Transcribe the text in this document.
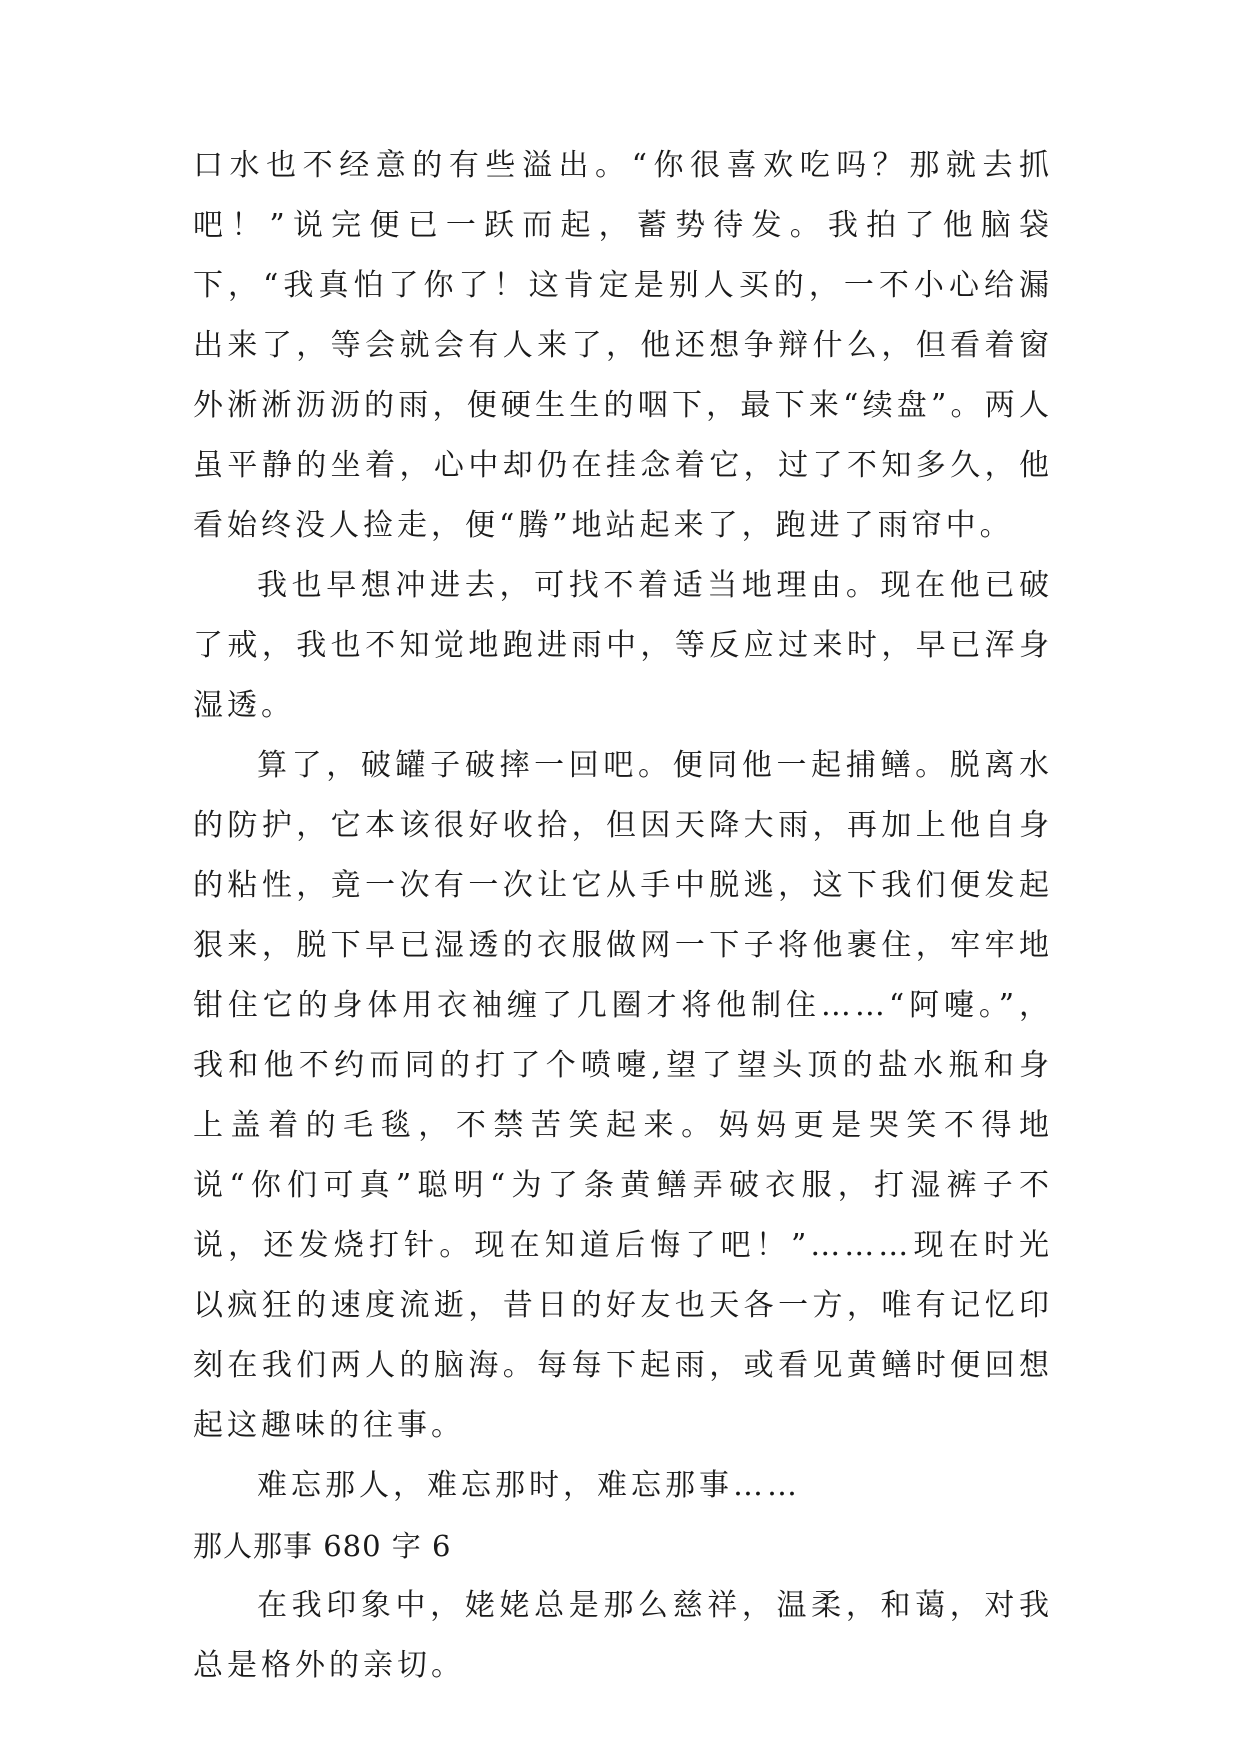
口水也不经意的有些溢出。“你很喜欢吃吗？那就去抓吧！”说完便已一跃而起，蓄势待发。我拍了他脑袋下，“我真怕了你了！这肯定是别人买的，一不小心给漏出来了，等会就会有人来了，他还想争辩什么，但看着窗外淅淅沥沥的雨，便硬生生的咽下，最下来“续盘”。两人虽平静的坐着，心中却仍在挂念着它，过了不知多久，他看始终没人捡走，便“腾”地站起来了，跑进了雨帘中。

我也早想冲进去，可找不着适当地理由。现在他已破了戒，我也不知觉地跑进雨中，等反应过来时，早已浑身湿透。

算了，破罐子破摔一回吧。便同他一起捕鳝。脱离水的防护，它本该很好收拾，但因天降大雨，再加上他自身的粘性，竟一次有一次让它从手中脱逃，这下我们便发起狠来，脱下早已湿透的衣服做网一下子将他裹住，牢牢地钳住它的身体用衣袖缠了几圈才将他制住……“阿嚏。”，我和他不约而同的打了个喷嚏,望了望头顶的盐水瓶和身上盖着的毛毯，不禁苦笑起来。妈妈更是哭笑不得地说“你们可真”聪明“为了条黄鳝弄破衣服，打湿裤子不说，还发烧打针。现在知道后悔了吧！”………现在时光以疯狂的速度流逝，昔日的好友也天各一方，唯有记忆印刻在我们两人的脑海。每每下起雨，或看见黄鳝时便回想起这趣味的往事。

难忘那人，难忘那时，难忘那事……

那人那事 680 字 6

在我印象中，姥姥总是那么慈祥，温柔，和蔼，对我总是格外的亲切。
